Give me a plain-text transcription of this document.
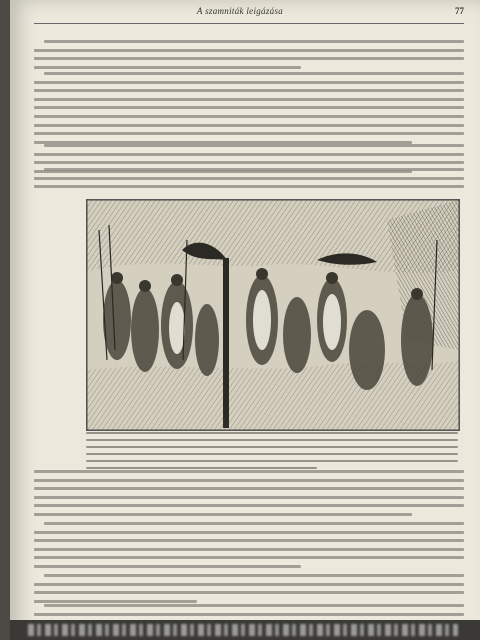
A szamniták leigázása	77
